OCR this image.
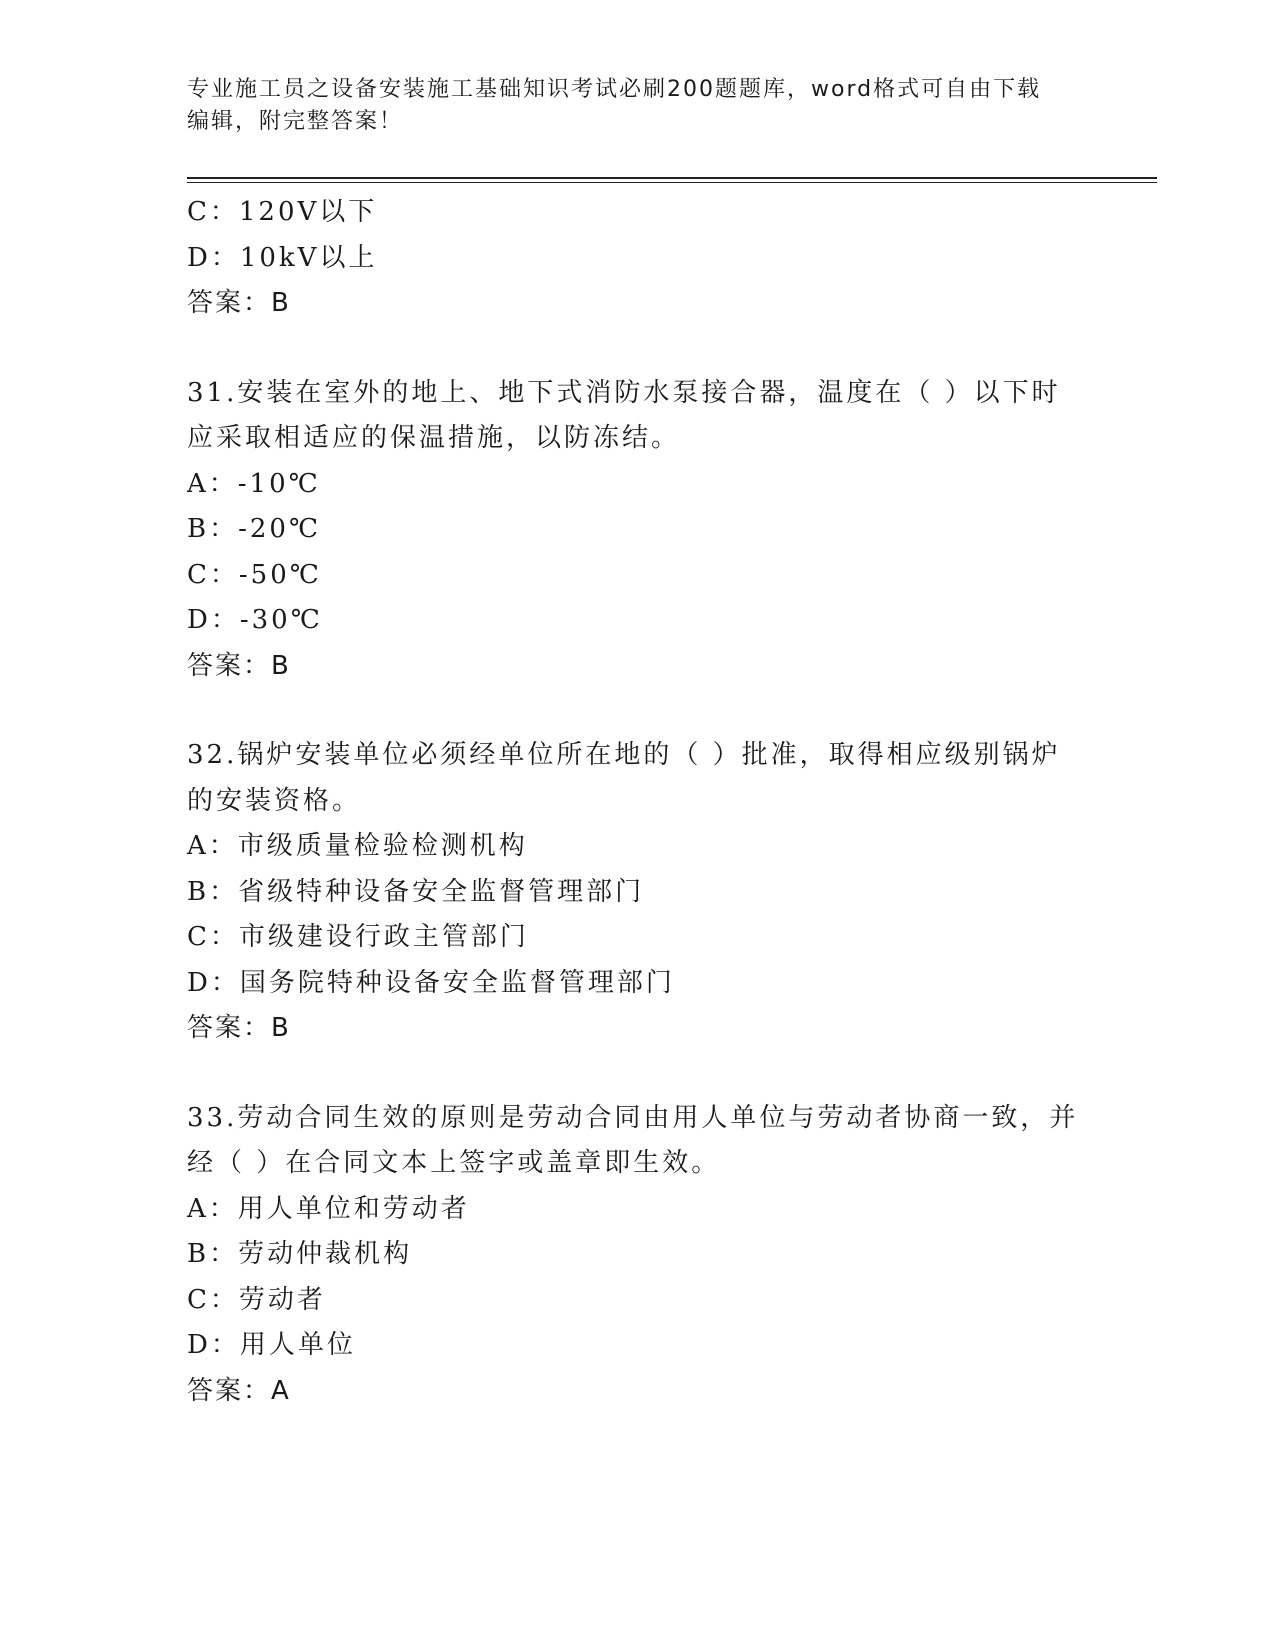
专业施工员之设备安装施工基础知识考试必刷200题题库，word格式可自由下载
编辑，附完整答案！
C：120V以下
D：10kV以上
答案：B
31.安装在室外的地上、地下式消防水泵接合器，温度在（ ）以下时
应采取相适应的保温措施，以防冻结。
A：-10℃
B：-20℃
C：-50℃
D：-30℃
答案：B
32.锅炉安装单位必须经单位所在地的（ ）批准，取得相应级别锅炉
的安装资格。
A：市级质量检验检测机构
B：省级特种设备安全监督管理部门
C：市级建设行政主管部门
D：国务院特种设备安全监督管理部门
答案：B
33.劳动合同生效的原则是劳动合同由用人单位与劳动者协商一致，并
经（ ）在合同文本上签字或盖章即生效。
A：用人单位和劳动者
B：劳动仲裁机构
C：劳动者
D：用人单位
答案：A
